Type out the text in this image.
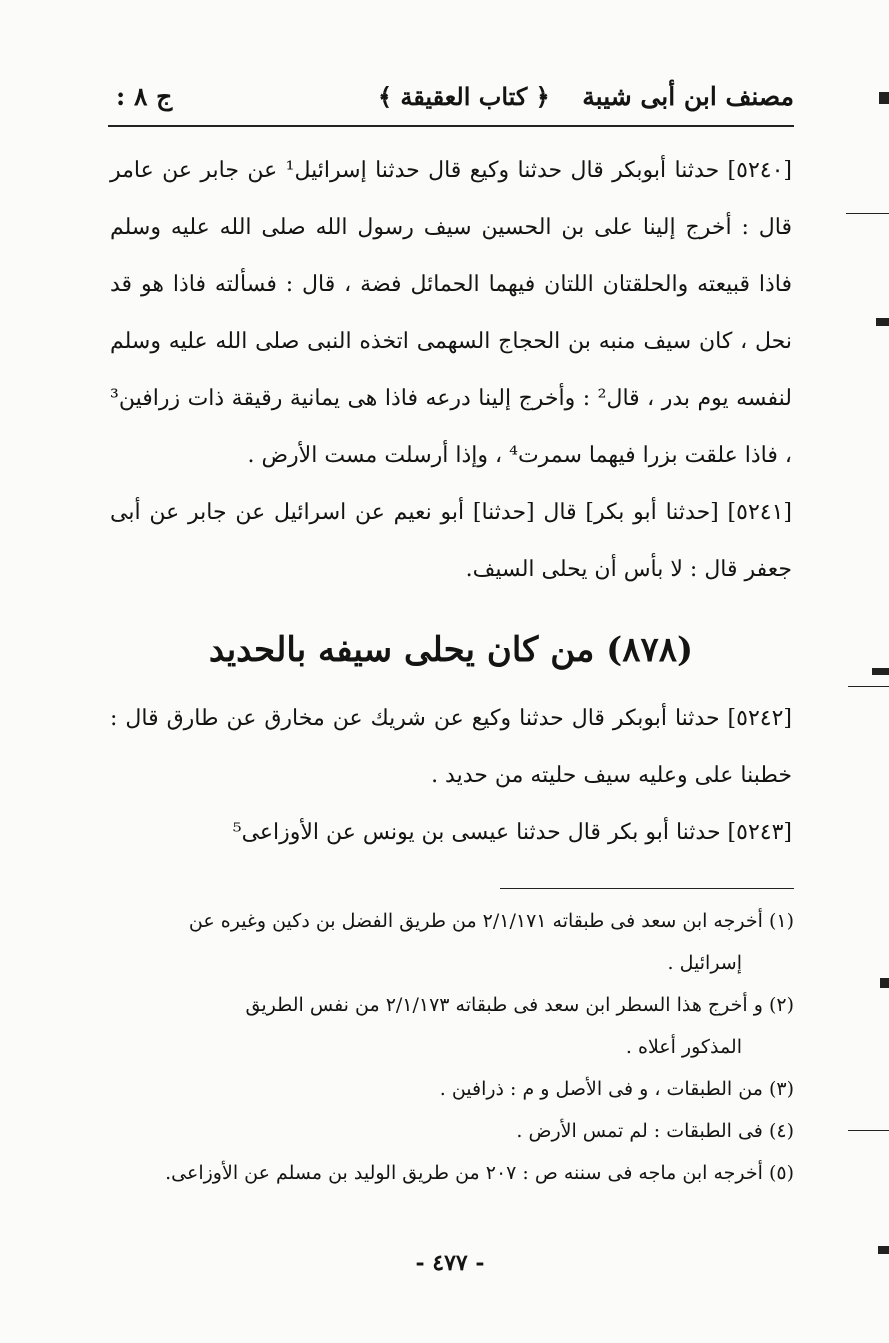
مصنف ابن أبى شيبة
﴿ كتاب العقيقة ﴾
ج ٨ :

[٥٢٤٠] حدثنا أبوبكر قال حدثنا وكيع قال حدثنا إسرائيل¹ عن جابر عن عامر قال : أخرج إلينا على بن الحسين سيف رسول الله صلى الله عليه وسلم فاذا قبيعته والحلقتان اللتان فيهما الحمائل فضة ، قال : فسألته فاذا هو قد نحل ، كان سيف منبه بن الحجاج السهمى اتخذه النبى صلى الله عليه وسلم لنفسه يوم بدر ، قال² : وأخرج إلينا درعه فاذا هى يمانية رقيقة ذات زرافين³ ، فاذا علقت بزرا فيهما سمرت⁴ ، وإذا أرسلت مست الأرض .

[٥٢٤١] [حدثنا أبو بكر] قال [حدثنا] أبو نعيم عن اسرائيل عن جابر عن أبى جعفر قال : لا بأس أن يحلى السيف.

(٨٧٨) من كان يحلى سيفه بالحديد

[٥٢٤٢] حدثنا أبوبكر قال حدثنا وكيع عن شريك عن مخارق عن طارق قال : خطبنا على وعليه سيف حليته من حديد .

[٥٢٤٣] حدثنا أبو بكر قال حدثنا عيسى بن يونس عن الأوزاعى⁵

(١) أخرجه ابن سعد فى طبقاته ٢/١/١٧١ من طريق الفضل بن دكين وغيره عن

إسرائيل .

(٢) و أخرج هذا السطر ابن سعد فى طبقاته ٢/١/١٧٣ من نفس الطريق

المذكور أعلاه .

(٣) من الطبقات ، و فى الأصل و م : ذرافين .

(٤) فى الطبقات : لم تمس الأرض .

(٥) أخرجه ابن ماجه فى سننه ص : ٢٠٧ من طريق الوليد بن مسلم عن الأوزاعى.

- ٤٧٧ -
